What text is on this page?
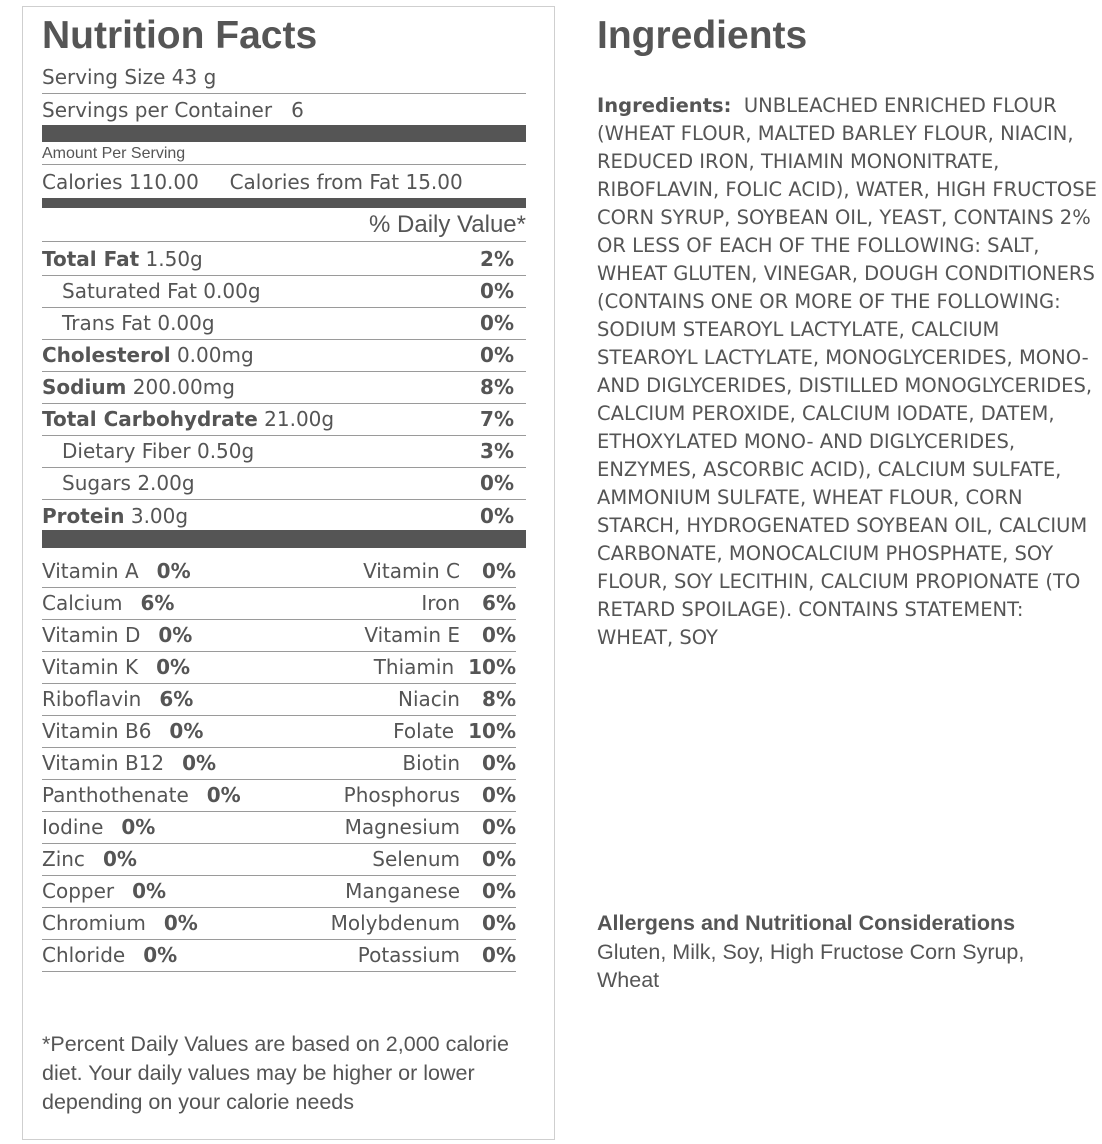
Nutrition Facts
Serving Size 43 g
Servings per Container   6
Amount Per Serving
Calories 110.00 Calories from Fat 15.00
% Daily Value*
Total Fat 1.50g	2%
Saturated Fat 0.00g	0%
Trans Fat 0.00g	0%
Cholesterol 0.00mg	0%
Sodium 200.00mg	8%
Total Carbohydrate 21.00g	7%
Dietary Fiber 0.50g	3%
Sugars 2.00g	0%
Protein 3.00g	0%
Vitamin A 0%	Vitamin C	0%
Calcium 6%	Iron	6%
Vitamin D 0%	Vitamin E	0%
Vitamin K 0%	Thiamin 10%
Riboflavin 6%	Niacin	8%
Vitamin B6 0%	Folate 10%
Vitamin B12 0%	Biotin	0%
Panthothenate 0%	Phosphorus	0%
Iodine 0%	Magnesium	0%
Zinc 0%	Selenum	0%
Copper 0%	Manganese	0%
Chromium 0%	Molybdenum	0%
Chloride 0%	Potassium	0%
*Percent Daily Values are based on 2,000 calorie diet. Your daily values may be higher or lower depending on your calorie needs
Ingredients
Ingredients: UNBLEACHED ENRICHED FLOUR (WHEAT FLOUR, MALTED BARLEY FLOUR, NIACIN, REDUCED IRON, THIAMIN MONONITRATE, RIBOFLAVIN, FOLIC ACID), WATER, HIGH FRUCTOSE CORN SYRUP, SOYBEAN OIL, YEAST, CONTAINS 2% OR LESS OF EACH OF THE FOLLOWING: SALT, WHEAT GLUTEN, VINEGAR, DOUGH CONDITIONERS (CONTAINS ONE OR MORE OF THE FOLLOWING: SODIUM STEAROYL LACTYLATE, CALCIUM STEAROYL LACTYLATE, MONOGLYCERIDES, MONO- AND DIGLYCERIDES, DISTILLED MONOGLYCERIDES, CALCIUM PEROXIDE, CALCIUM IODATE, DATEM, ETHOXYLATED MONO- AND DIGLYCERIDES, ENZYMES, ASCORBIC ACID), CALCIUM SULFATE, AMMONIUM SULFATE, WHEAT FLOUR, CORN STARCH, HYDROGENATED SOYBEAN OIL, CALCIUM CARBONATE, MONOCALCIUM PHOSPHATE, SOY FLOUR, SOY LECITHIN, CALCIUM PROPIONATE (TO RETARD SPOILAGE). CONTAINS STATEMENT: WHEAT, SOY
Allergens and Nutritional Considerations
Gluten, Milk, Soy, High Fructose Corn Syrup, Wheat
